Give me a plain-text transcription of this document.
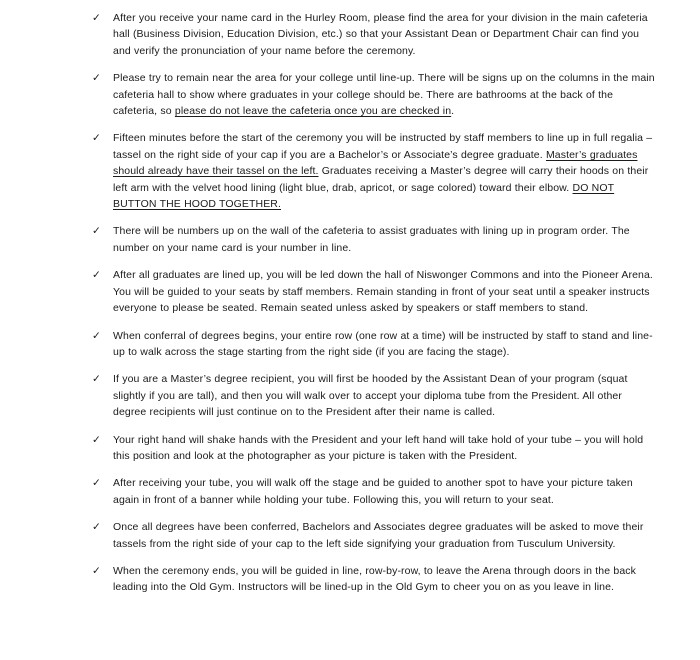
✓	After you receive your name card in the Hurley Room, please find the area for your division in the main cafeteria hall (Business Division, Education Division, etc.) so that your Assistant Dean or Department Chair can find you and verify the pronunciation of your name before the ceremony.
✓	Please try to remain near the area for your college until line-up. There will be signs up on the columns in the main cafeteria hall to show where graduates in your college should be. There are bathrooms at the back of the cafeteria, so please do not leave the cafeteria once you are checked in.
✓	Fifteen minutes before the start of the ceremony you will be instructed by staff members to line up in full regalia – tassel on the right side of your cap if you are a Bachelor’s or Associate’s degree graduate. Master’s graduates should already have their tassel on the left. Graduates receiving a Master’s degree will carry their hoods on their left arm with the velvet hood lining (light blue, drab, apricot, or sage colored) toward their elbow. DO NOT BUTTON THE HOOD TOGETHER.
✓	There will be numbers up on the wall of the cafeteria to assist graduates with lining up in program order. The number on your name card is your number in line.
✓	After all graduates are lined up, you will be led down the hall of Niswonger Commons and into the Pioneer Arena. You will be guided to your seats by staff members. Remain standing in front of your seat until a speaker instructs everyone to please be seated. Remain seated unless asked by speakers or staff members to stand.
✓	When conferral of degrees begins, your entire row (one row at a time) will be instructed by staff to stand and line-up to walk across the stage starting from the right side (if you are facing the stage).
✓	If you are a Master’s degree recipient, you will first be hooded by the Assistant Dean of your program (squat slightly if you are tall), and then you will walk over to accept your diploma tube from the President. All other degree recipients will just continue on to the President after their name is called.
✓	Your right hand will shake hands with the President and your left hand will take hold of your tube – you will hold this position and look at the photographer as your picture is taken with the President.
✓	After receiving your tube, you will walk off the stage and be guided to another spot to have your picture taken again in front of a banner while holding your tube. Following this, you will return to your seat.
✓	Once all degrees have been conferred, Bachelors and Associates degree graduates will be asked to move their tassels from the right side of your cap to the left side signifying your graduation from Tusculum University.
✓	When the ceremony ends, you will be guided in line, row-by-row, to leave the Arena through doors in the back leading into the Old Gym. Instructors will be lined-up in the Old Gym to cheer you on as you leave in line.
